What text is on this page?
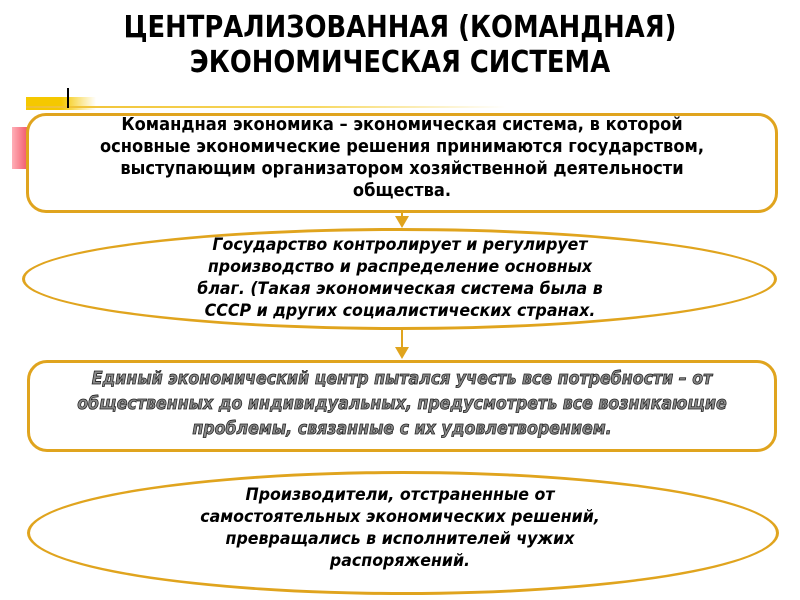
ЦЕНТРАЛИЗОВАННАЯ (КОМАНДНАЯ)
ЭКОНОМИЧЕСКАЯ СИСТЕМА
Командная экономика – экономическая система, в которой
основные экономические решения принимаются государством,
выступающим организатором хозяйственной деятельности
общества.
Государство контролирует и регулирует
производство и распределение основных
благ. (Такая экономическая система была в
СССР и других социалистических странах.
Единый экономический центр пытался учесть все потребности – от
общественных до индивидуальных, предусмотреть все возникающие
проблемы, связанные с их удовлетворением.
Производители, отстраненные от
самостоятельных экономических решений,
превращались в исполнителей чужих
распоряжений.
